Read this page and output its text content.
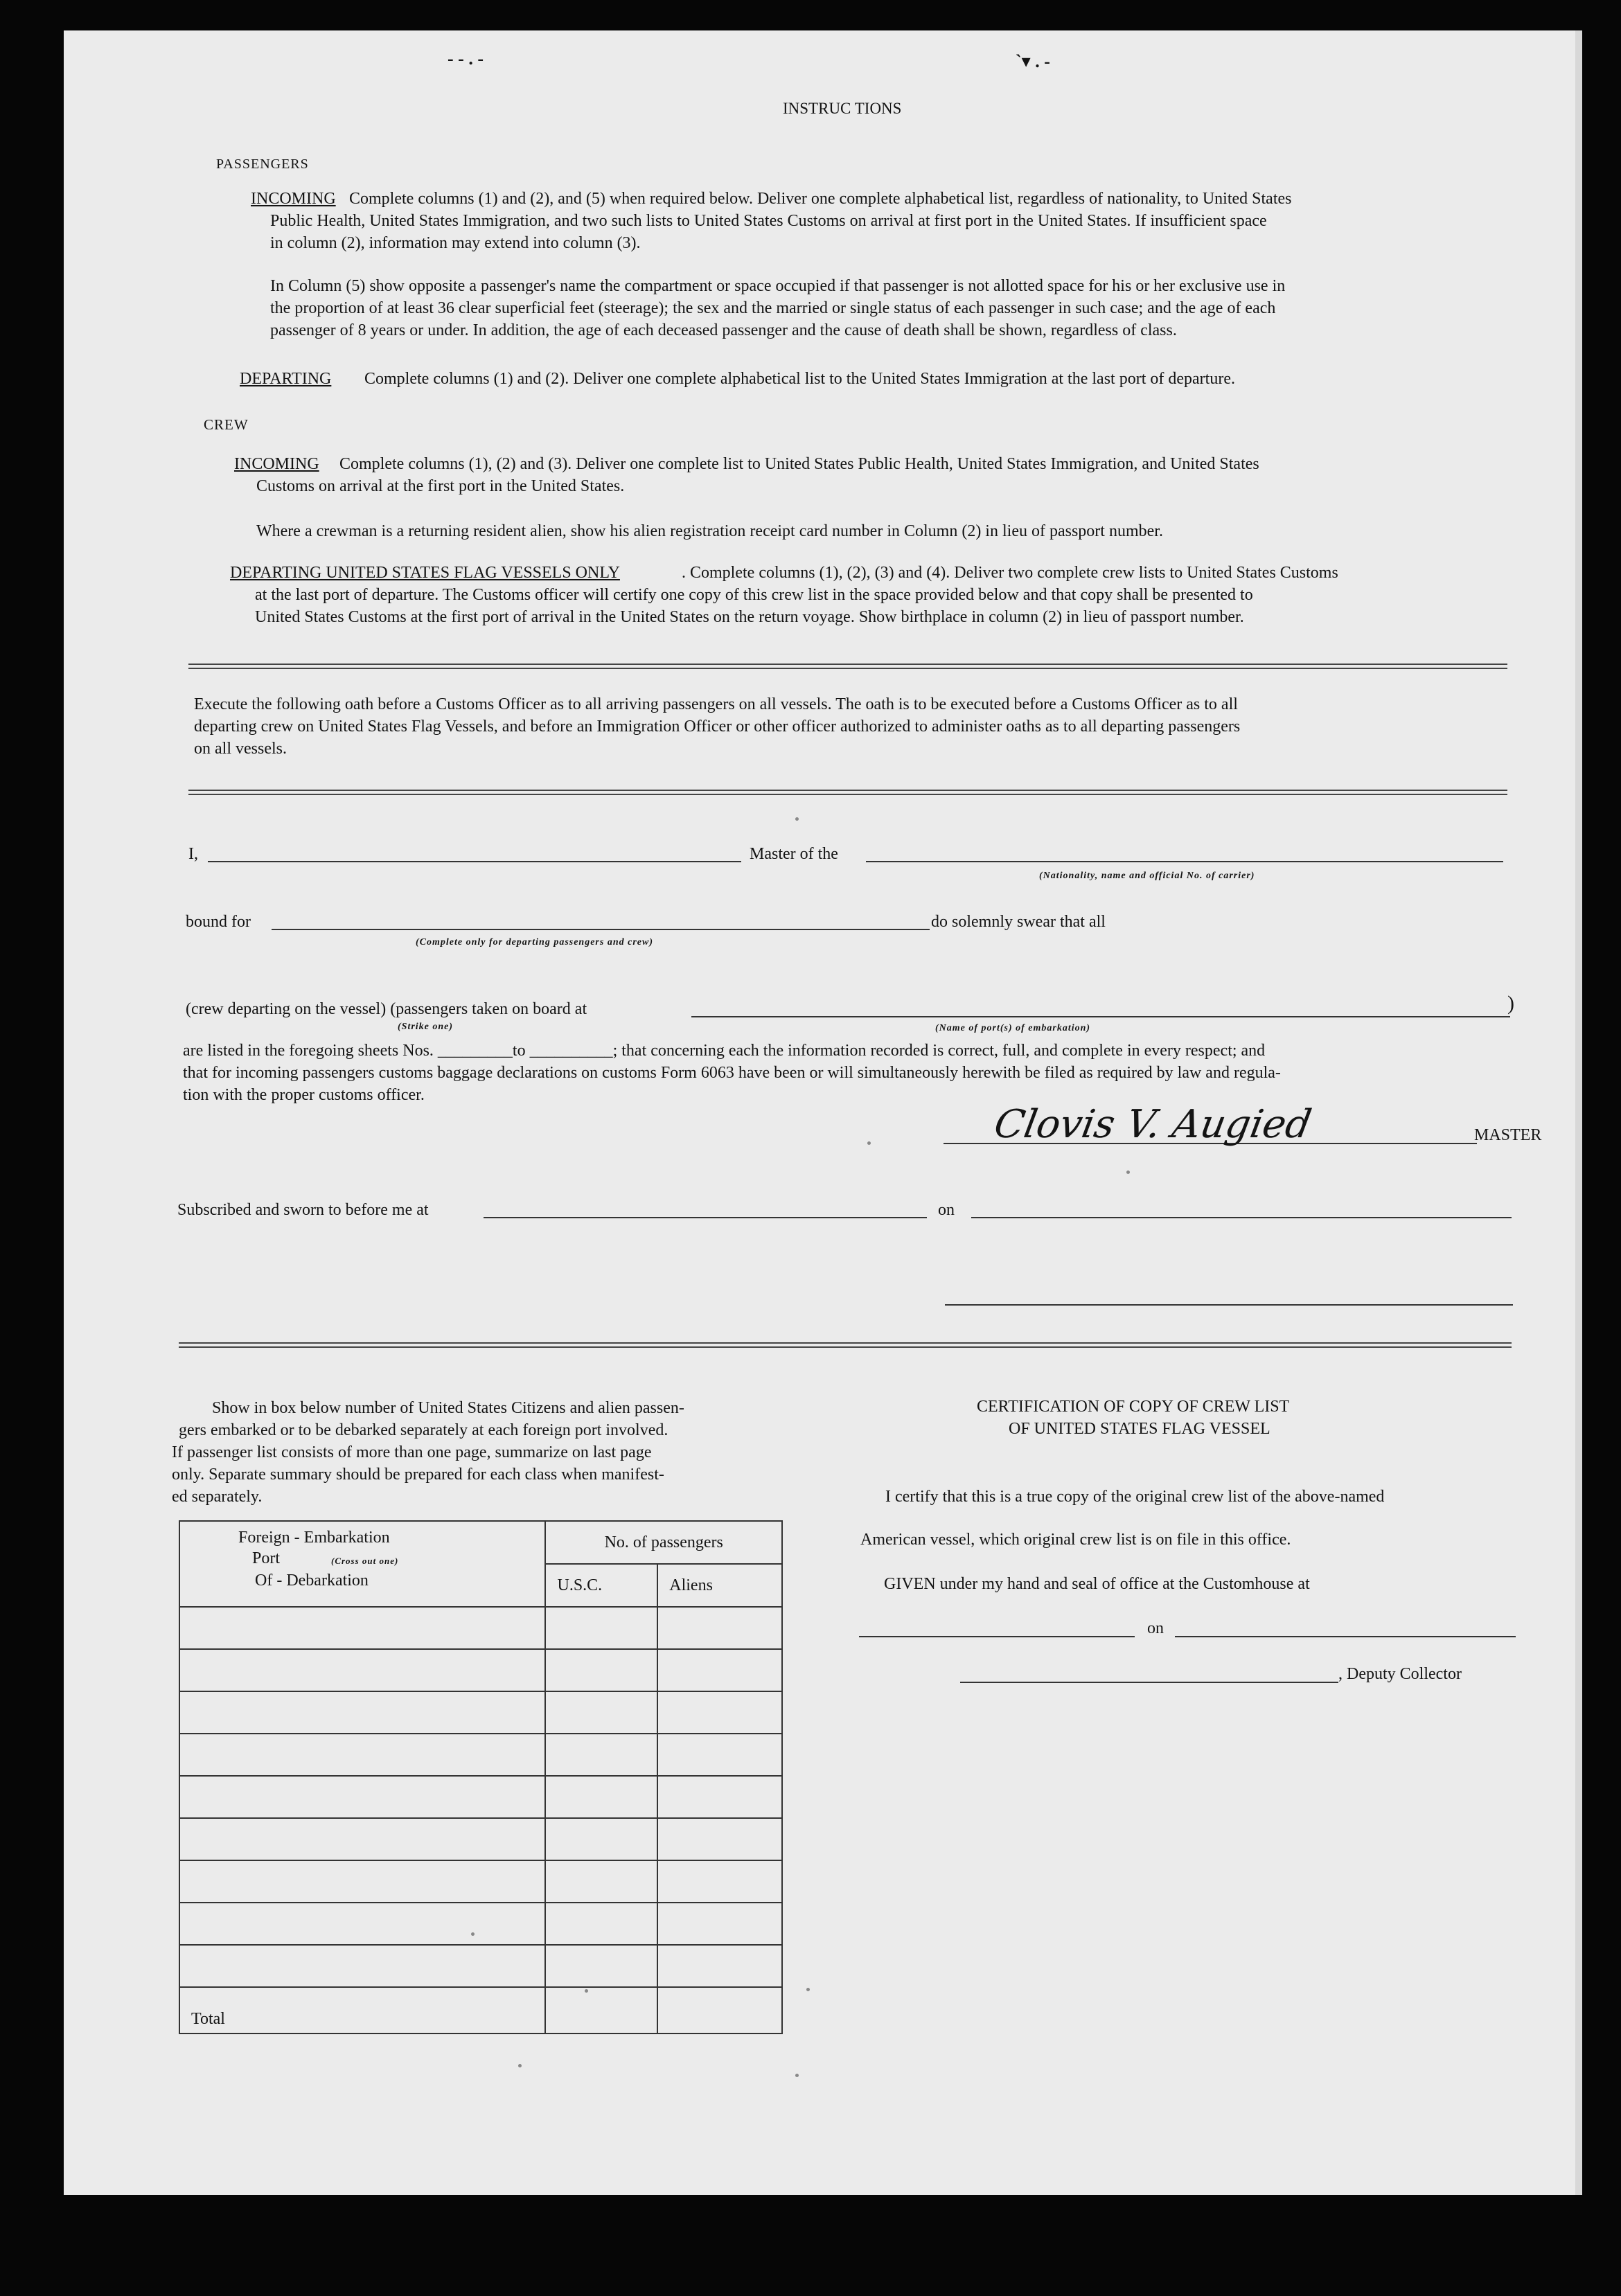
- - . -	`▾ . -
INSTRUC TIONS
PASSENGERS
INCOMING Complete columns (1) and (2), and (5) when required below. Deliver one complete alphabetical list, regardless of nationality, to United States
Public Health, United States Immigration, and two such lists to United States Customs on arrival at first port in the United States. If insufficient space
in column (2), information may extend into column (3).
In Column (5) show opposite a passenger's name the compartment or space occupied if that passenger is not allotted space for his or her exclusive use in
the proportion of at least 36 clear superficial feet (steerage); the sex and the married or single status of each passenger in such case; and the age of each
passenger of 8 years or under. In addition, the age of each deceased passenger and the cause of death shall be shown, regardless of class.
DEPARTING Complete columns (1) and (2). Deliver one complete alphabetical list to the United States Immigration at the last port of departure.
CREW
INCOMING Complete columns (1), (2) and (3). Deliver one complete list to United States Public Health, United States Immigration, and United States
Customs on arrival at the first port in the United States.
Where a crewman is a returning resident alien, show his alien registration receipt card number in Column (2) in lieu of passport number.
DEPARTING UNITED STATES FLAG VESSELS ONLY	. Complete columns (1), (2), (3) and (4). Deliver two complete crew lists to United States Customs
at the last port of departure. The Customs officer will certify one copy of this crew list in the space provided below and that copy shall be presented to
United States Customs at the first port of arrival in the United States on the return voyage. Show birthplace in column (2) in lieu of passport number.
Execute the following oath before a Customs Officer as to all arriving passengers on all vessels. The oath is to be executed before a Customs Officer as to all
departing crew on United States Flag Vessels, and before an Immigration Officer or other officer authorized to administer oaths as to all departing passengers
on all vessels.
I,	Master of the
(Nationality, name and official No. of carrier)
bound for	do solemnly swear that all
(Complete only for departing passengers and crew)
(crew departing on the vessel) (passengers taken on board at	)
(Strike one)	(Name of port(s) of embarkation)
are listed in the foregoing sheets Nos. _________to __________; that concerning each the information recorded is correct, full, and complete in every respect; and
that for incoming passengers customs baggage declarations on customs Form 6063 have been or will simultaneously herewith be filed as required by law and regula-
tion with the proper customs officer.
Clovis V. Augied	MASTER
Subscribed and sworn to before me at	on
Show in box below number of United States Citizens and alien passen-
gers embarked or to be debarked separately at each foreign port involved.
If passenger list consists of more than one page, summarize on last page
only. Separate summary should be prepared for each class when manifest-
ed separately.
Foreign - Embarkation
(Cross out one)
Port
Of - Debarkation	No. of passengers	
	U.S.C.	Aliens

Total		
CERTIFICATION OF COPY OF CREW LIST
OF UNITED STATES FLAG VESSEL
I certify that this is a true copy of the original crew list of the above-named
American vessel, which original crew list is on file in this office.
GIVEN under my hand and seal of office at the Customhouse at
on
, Deputy Collector
